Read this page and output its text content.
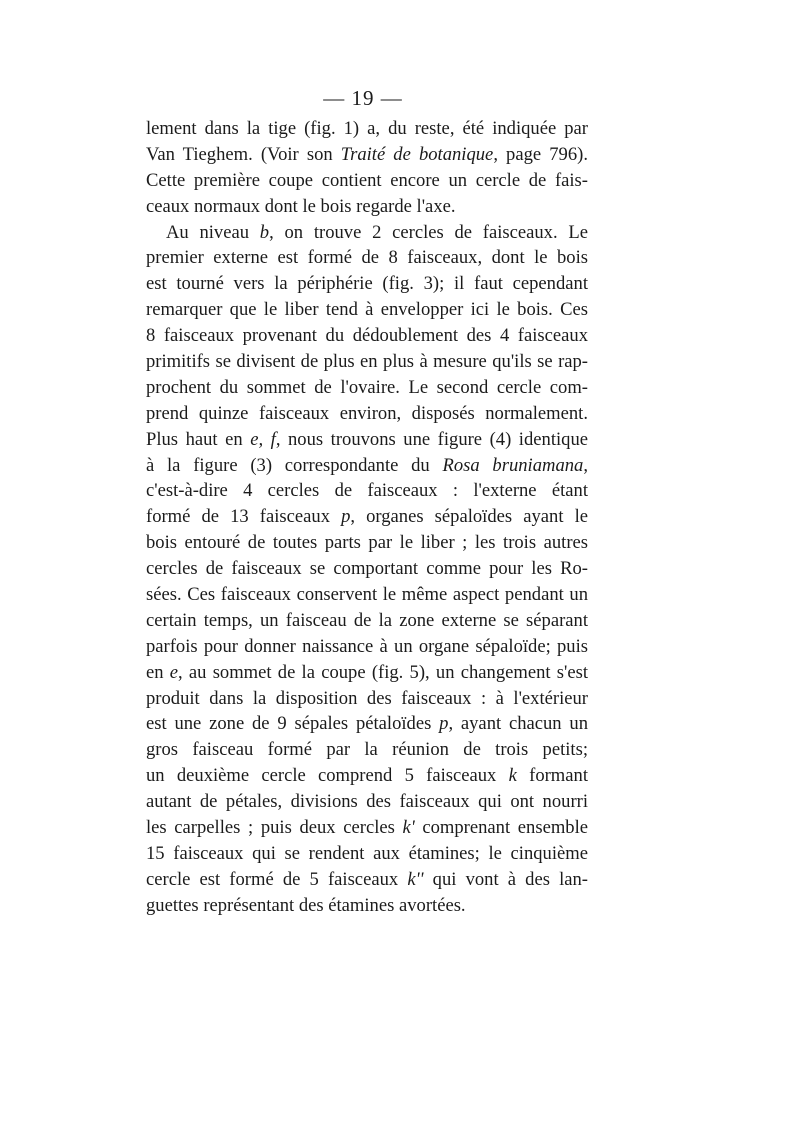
— 19 —
lement dans la tige (fig. 1) a, du reste, été indiquée par
Van Tieghem. (Voir son Traité de botanique, page 796).
Cette première coupe contient encore un cercle de fais-
ceaux normaux dont le bois regarde l'axe.
Au niveau b, on trouve 2 cercles de faisceaux. Le
premier externe est formé de 8 faisceaux, dont le bois
est tourné vers la périphérie (fig. 3); il faut cependant
remarquer que le liber tend à envelopper ici le bois. Ces
8 faisceaux provenant du dédoublement des 4 faisceaux
primitifs se divisent de plus en plus à mesure qu'ils se rap-
prochent du sommet de l'ovaire. Le second cercle com-
prend quinze faisceaux environ, disposés normalement.
Plus haut en e, f, nous trouvons une figure (4) identique
à la figure (3) correspondante du Rosa bruniamana,
c'est-à-dire 4 cercles de faisceaux : l'externe étant
formé de 13 faisceaux p, organes sépaloïdes ayant le
bois entouré de toutes parts par le liber ; les trois autres
cercles de faisceaux se comportant comme pour les Ro-
sées. Ces faisceaux conservent le même aspect pendant un
certain temps, un faisceau de la zone externe se séparant
parfois pour donner naissance à un organe sépaloïde; puis
en e, au sommet de la coupe (fig. 5), un changement s'est
produit dans la disposition des faisceaux : à l'extérieur
est une zone de 9 sépales pétaloïdes p, ayant chacun un
gros faisceau formé par la réunion de trois petits;
un deuxième cercle comprend 5 faisceaux k formant
autant de pétales, divisions des faisceaux qui ont nourri
les carpelles ; puis deux cercles k' comprenant ensemble
15 faisceaux qui se rendent aux étamines; le cinquième
cercle est formé de 5 faisceaux k'' qui vont à des lan-
guettes représentant des étamines avortées.
